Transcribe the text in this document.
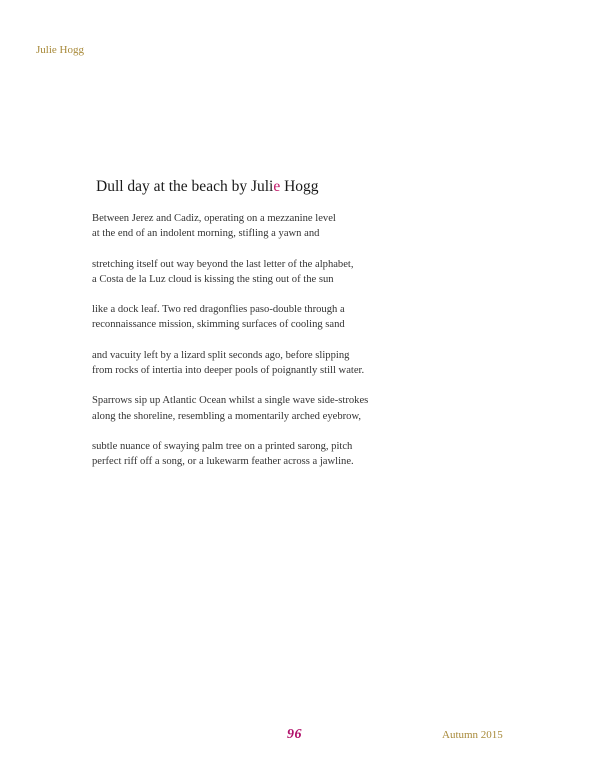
Julie Hogg
Dull day at the beach by Julie Hogg

Between Jerez and Cadiz, operating on a mezzanine level
at the end of an indolent morning, stifling a yawn and

stretching itself out way beyond the last letter of the alphabet,
a Costa de la Luz cloud is kissing the sting out of the sun

like a dock leaf. Two red dragonflies paso-double through a
reconnaissance mission, skimming surfaces of cooling sand

and vacuity left by a lizard split seconds ago, before slipping
from rocks of intertia into deeper pools of poignantly still water.

Sparrows sip up Atlantic Ocean whilst a single wave side-strokes
along the shoreline, resembling a momentarily arched eyebrow,

subtle nuance of swaying palm tree on a printed sarong, pitch
perfect riff off a song, or a lukewarm feather across a jawline.

96	Autumn 2015
